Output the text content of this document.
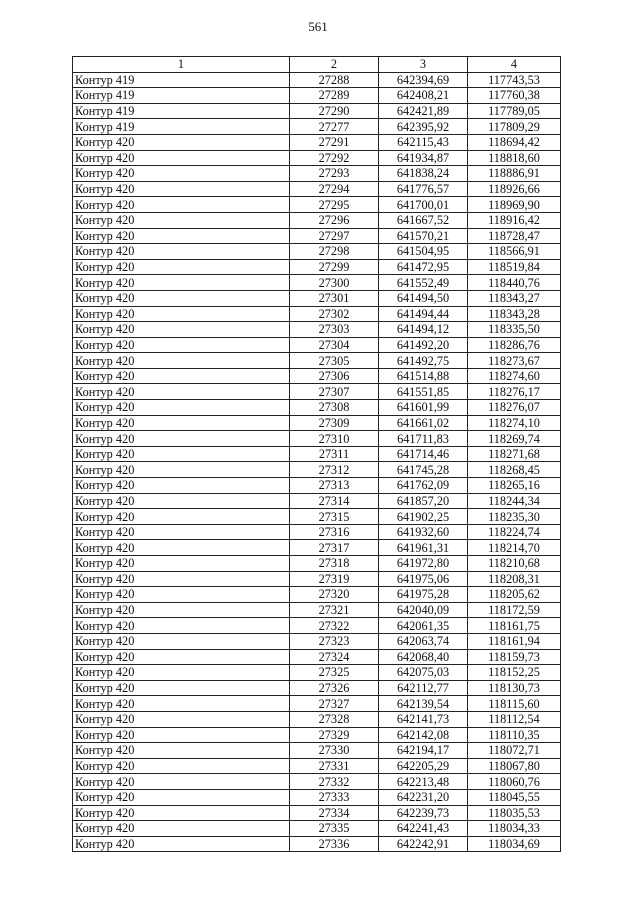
561
1	2	3	4
Контур 419	27288	642394,69	117743,53
Контур 419	27289	642408,21	117760,38
Контур 419	27290	642421,89	117789,05
Контур 419	27277	642395,92	117809,29
Контур 420	27291	642115,43	118694,42
Контур 420	27292	641934,87	118818,60
Контур 420	27293	641838,24	118886,91
Контур 420	27294	641776,57	118926,66
Контур 420	27295	641700,01	118969,90
Контур 420	27296	641667,52	118916,42
Контур 420	27297	641570,21	118728,47
Контур 420	27298	641504,95	118566,91
Контур 420	27299	641472,95	118519,84
Контур 420	27300	641552,49	118440,76
Контур 420	27301	641494,50	118343,27
Контур 420	27302	641494,44	118343,28
Контур 420	27303	641494,12	118335,50
Контур 420	27304	641492,20	118286,76
Контур 420	27305	641492,75	118273,67
Контур 420	27306	641514,88	118274,60
Контур 420	27307	641551,85	118276,17
Контур 420	27308	641601,99	118276,07
Контур 420	27309	641661,02	118274,10
Контур 420	27310	641711,83	118269,74
Контур 420	27311	641714,46	118271,68
Контур 420	27312	641745,28	118268,45
Контур 420	27313	641762,09	118265,16
Контур 420	27314	641857,20	118244,34
Контур 420	27315	641902,25	118235,30
Контур 420	27316	641932,60	118224,74
Контур 420	27317	641961,31	118214,70
Контур 420	27318	641972,80	118210,68
Контур 420	27319	641975,06	118208,31
Контур 420	27320	641975,28	118205,62
Контур 420	27321	642040,09	118172,59
Контур 420	27322	642061,35	118161,75
Контур 420	27323	642063,74	118161,94
Контур 420	27324	642068,40	118159,73
Контур 420	27325	642075,03	118152,25
Контур 420	27326	642112,77	118130,73
Контур 420	27327	642139,54	118115,60
Контур 420	27328	642141,73	118112,54
Контур 420	27329	642142,08	118110,35
Контур 420	27330	642194,17	118072,71
Контур 420	27331	642205,29	118067,80
Контур 420	27332	642213,48	118060,76
Контур 420	27333	642231,20	118045,55
Контур 420	27334	642239,73	118035,53
Контур 420	27335	642241,43	118034,33
Контур 420	27336	642242,91	118034,69
